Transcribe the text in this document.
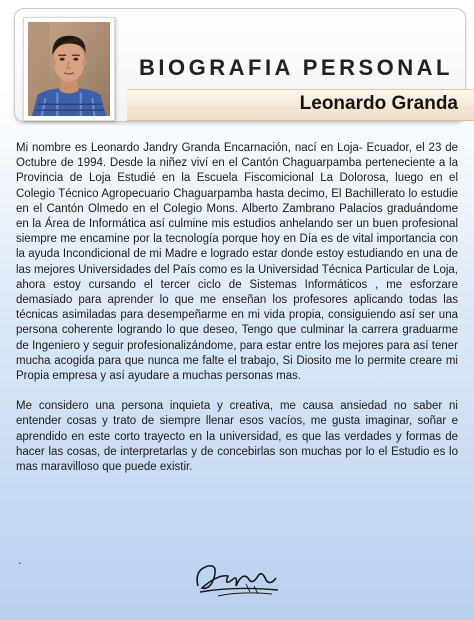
BIOGRAFIA PERSONAL
Leonardo Granda

Mi nombre es Leonardo Jandry Granda Encarnación, nací en Loja- Ecuador, el 23 de Octubre de 1994. Desde la niñez viví en el Cantón Chaguarpamba perteneciente a la Provincia de Loja Estudié en la Escuela Fiscomicional La Dolorosa, luego en el Colegio Técnico Agropecuario Chaguarpamba hasta decimo, El Bachillerato lo estudie en el Cantón Olmedo en el Colegio Mons. Alberto Zambrano Palacios graduándome en la Área de Informática así culmine mis estudios anhelando ser un buen profesional siempre me encamine por la tecnología porque hoy en Día es de vital importancia con la ayuda Incondicional de mi Madre e logrado estar donde estoy estudiando en una de las mejores Universidades del País como es la Universidad Técnica Particular de Loja, ahora estoy cursando el tercer ciclo de Sistemas Informáticos , me esforzare demasiado para aprender lo que me enseñan los profesores aplicando todas las técnicas asimiladas para desempeñarme en mi vida propia, consiguiendo así ser una persona coherente logrando lo que deseo, Tengo que culminar la carrera graduarme de Ingeniero y seguir profesionalizándome, para estar entre los mejores para así tener mucha acogida para que nunca me falte el trabajo, Si Diosito me lo permite creare mi Propia empresa y así ayudare a muchas personas mas.

Me considero una persona inquieta y creativa, me causa ansiedad no saber ni entender cosas y trato de siempre llenar esos vacíos, me gusta imaginar, soñar e aprendido en este corto trayecto en la universidad, es que las verdades y formas de hacer las cosas, de interpretarlas y de concebirlas son muchas por lo el Estudio es lo mas maravilloso que puede existir.

.
